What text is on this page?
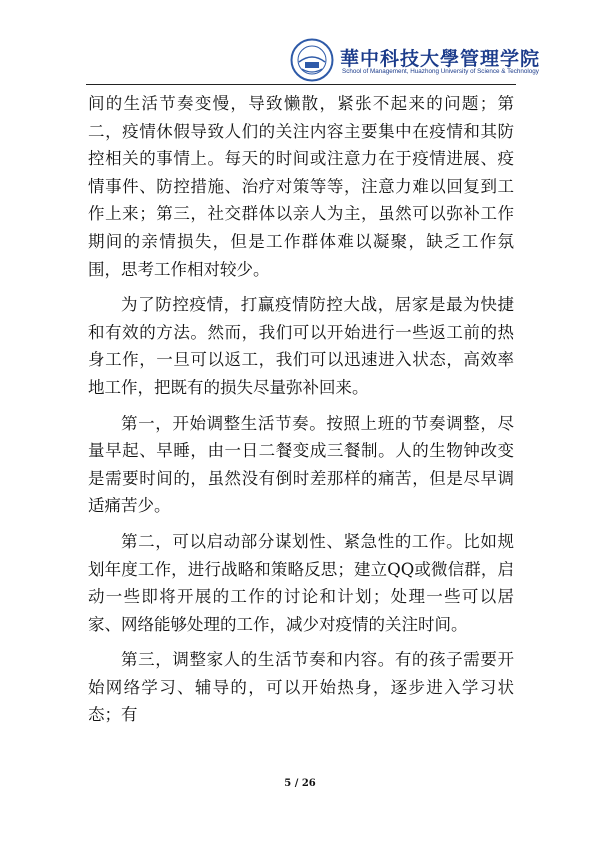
華中科技大學管理学院
School of Management, Huazhong University of Science & Technology

间的生活节奏变慢，导致懒散，紧张不起来的问题；第二，疫情休假导致人们的关注内容主要集中在疫情和其防控相关的事情上。每天的时间或注意力在于疫情进展、疫情事件、防控措施、治疗对策等等，注意力难以回复到工作上来；第三，社交群体以亲人为主，虽然可以弥补工作期间的亲情损失，但是工作群体难以凝聚，缺乏工作氛围，思考工作相对较少。

为了防控疫情，打赢疫情防控大战，居家是最为快捷和有效的方法。然而，我们可以开始进行一些返工前的热身工作，一旦可以返工，我们可以迅速进入状态，高效率地工作，把既有的损失尽量弥补回来。

第一，开始调整生活节奏。按照上班的节奏调整，尽量早起、早睡，由一日二餐变成三餐制。人的生物钟改变是需要时间的，虽然没有倒时差那样的痛苦，但是尽早调适痛苦少。

第二，可以启动部分谋划性、紧急性的工作。比如规划年度工作，进行战略和策略反思；建立QQ或微信群，启动一些即将开展的工作的讨论和计划；处理一些可以居家、网络能够处理的工作，减少对疫情的关注时间。

第三，调整家人的生活节奏和内容。有的孩子需要开始网络学习、辅导的，可以开始热身，逐步进入学习状态；有

5 / 26
